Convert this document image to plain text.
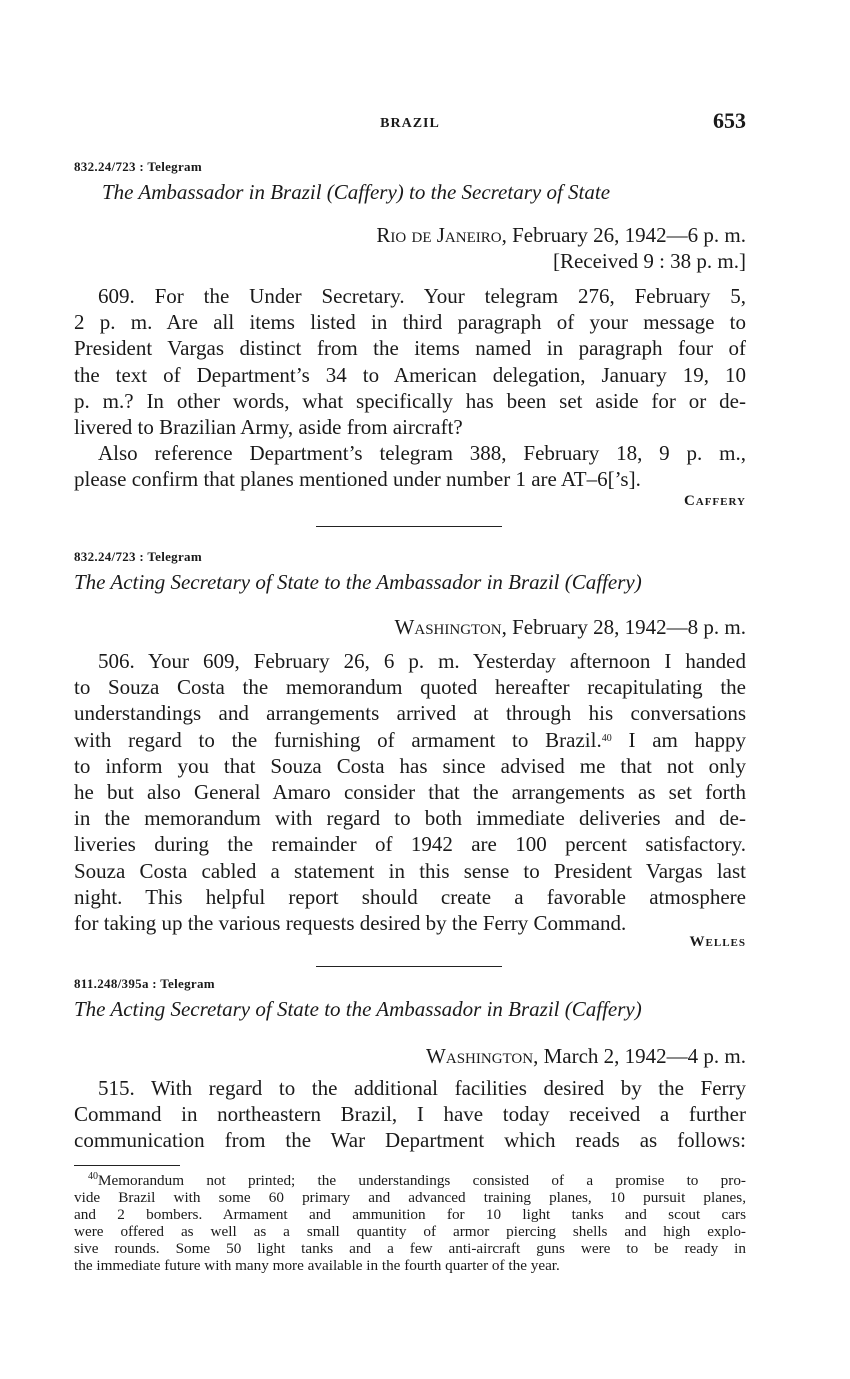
BRAZIL	653
832.24/723 : Telegram
The Ambassador in Brazil (Caffery) to the Secretary of State
Rio de Janeiro, February 26, 1942—6 p. m.
[Received 9 : 38 p. m.]
609. For the Under Secretary. Your telegram 276, February 5,
2 p. m. Are all items listed in third paragraph of your message to
President Vargas distinct from the items named in paragraph four of
the text of Department’s 34 to American delegation, January 19, 10
p. m.? In other words, what specifically has been set aside for or de-
livered to Brazilian Army, aside from aircraft?
Also reference Department’s telegram 388, February 18, 9 p. m.,
please confirm that planes mentioned under number 1 are AT–6[’s].
Caffery
832.24/723 : Telegram
The Acting Secretary of State to the Ambassador in Brazil (Caffery)
Washington, February 28, 1942—8 p. m.
506. Your 609, February 26, 6 p. m. Yesterday afternoon I handed
to Souza Costa the memorandum quoted hereafter recapitulating the
understandings and arrangements arrived at through his conversations
with regard to the furnishing of armament to Brazil.$^{40}$ I am happy
to inform you that Souza Costa has since advised me that not only
he but also General Amaro consider that the arrangements as set forth
in the memorandum with regard to both immediate deliveries and de-
liveries during the remainder of 1942 are 100 percent satisfactory.
Souza Costa cabled a statement in this sense to President Vargas last
night. This helpful report should create a favorable atmosphere
for taking up the various requests desired by the Ferry Command.
Welles
811.248/395a : Telegram
The Acting Secretary of State to the Ambassador in Brazil (Caffery)
Washington, March 2, 1942—4 p. m.
515. With regard to the additional facilities desired by the Ferry
Command in northeastern Brazil, I have today received a further
communication from the War Department which reads as follows:
$^{40}$Memorandum not printed; the understandings consisted of a promise to pro-
vide Brazil with some 60 primary and advanced training planes, 10 pursuit planes,
and 2 bombers. Armament and ammunition for 10 light tanks and scout cars
were offered as well as a small quantity of armor piercing shells and high explo-
sive rounds. Some 50 light tanks and a few anti-aircraft guns were to be ready in
the immediate future with many more available in the fourth quarter of the year.
